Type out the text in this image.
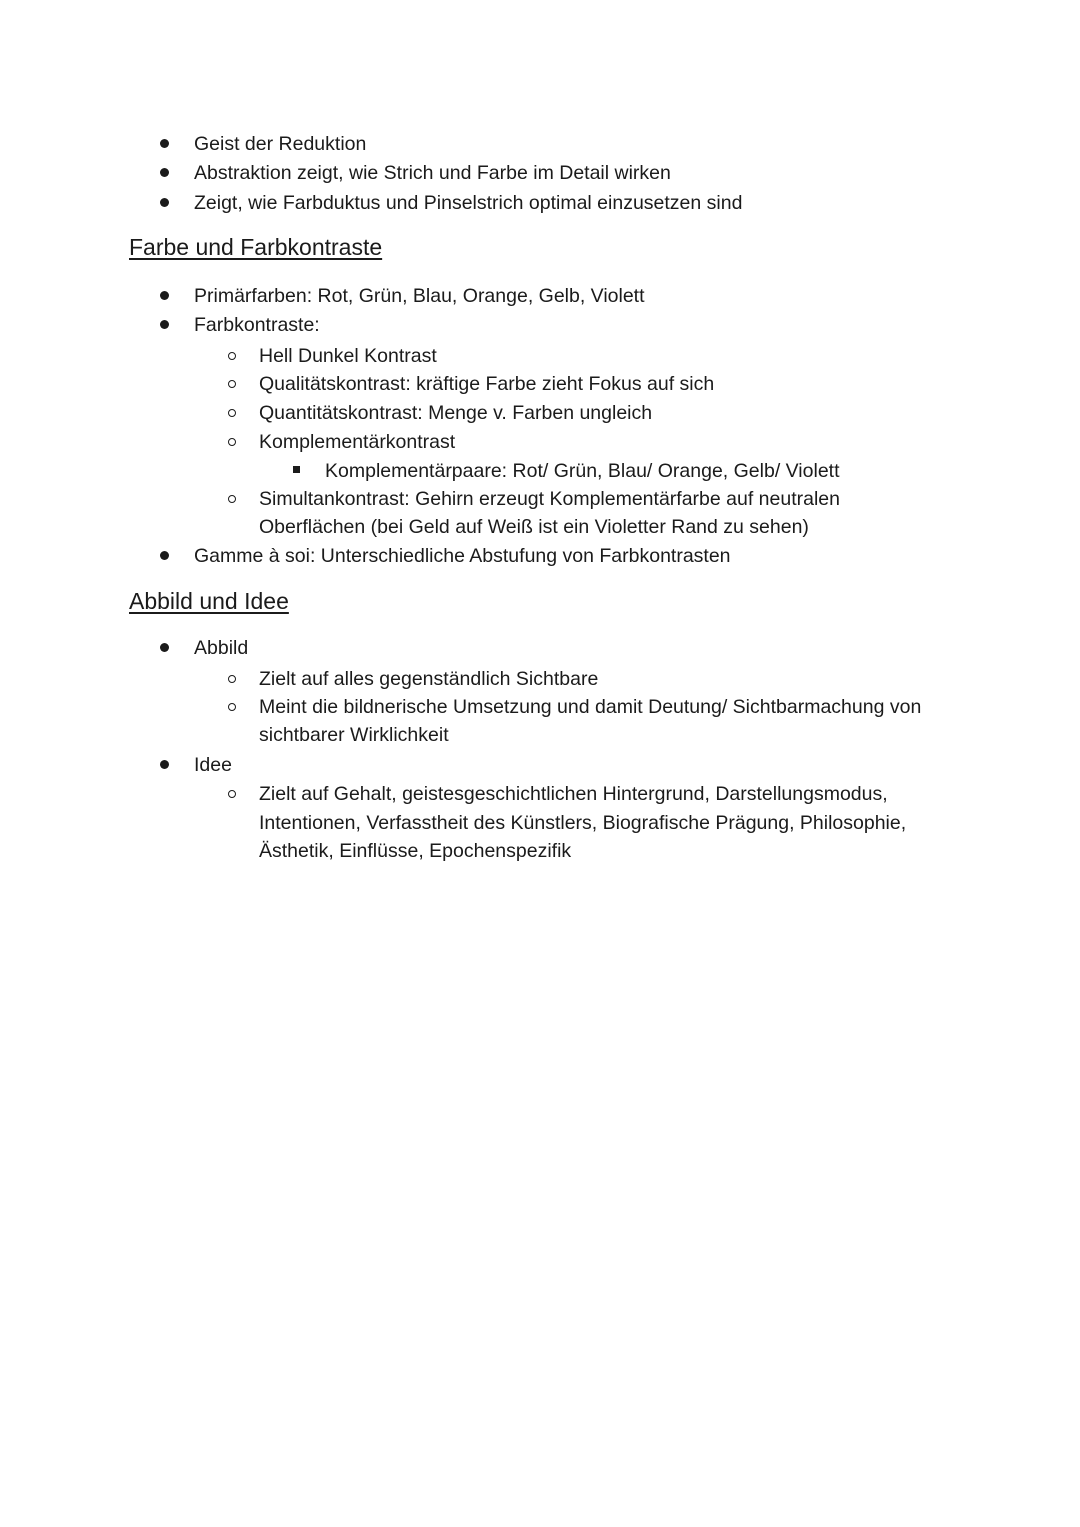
Geist der Reduktion
Abstraktion zeigt, wie Strich und Farbe im Detail wirken
Zeigt, wie Farbduktus und Pinselstrich optimal einzusetzen sind
Farbe und Farbkontraste
Primärfarben: Rot, Grün, Blau, Orange, Gelb, Violett
Farbkontraste:
Hell Dunkel Kontrast
Qualitätskontrast: kräftige Farbe zieht Fokus auf sich
Quantitätskontrast: Menge v. Farben ungleich
Komplementärkontrast
Komplementärpaare: Rot/ Grün, Blau/ Orange, Gelb/ Violett
Simultankontrast: Gehirn erzeugt Komplementärfarbe auf neutralen
Oberflächen (bei Geld auf Weiß ist ein Violetter Rand zu sehen)
Gamme à soi: Unterschiedliche Abstufung von Farbkontrasten
Abbild und Idee
Abbild
Zielt auf alles gegenständlich Sichtbare
Meint die bildnerische Umsetzung und damit Deutung/ Sichtbarmachung von
sichtbarer Wirklichkeit
Idee
Zielt auf Gehalt, geistesgeschichtlichen Hintergrund, Darstellungsmodus,
Intentionen, Verfasstheit des Künstlers, Biografische Prägung, Philosophie,
Ästhetik, Einflüsse, Epochenspezifik
